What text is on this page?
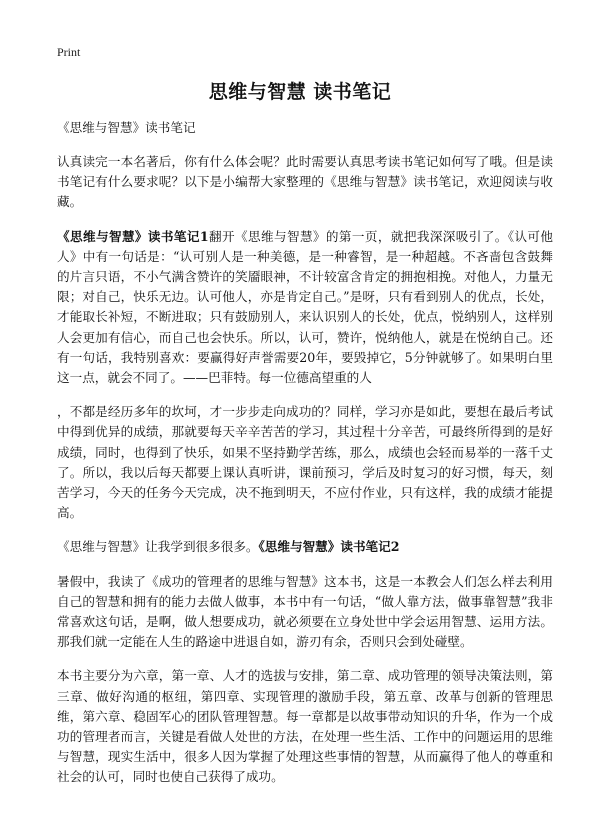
Print
思维与智慧 读书笔记

《思维与智慧》读书笔记

认真读完一本名著后，你有什么体会呢？此时需要认真思考读书笔记如何写了哦。但是读书笔记有什么要求呢？以下是小编帮大家整理的《思维与智慧》读书笔记，欢迎阅读与收藏。

《思维与智慧》读书笔记1翻开《思维与智慧》的第一页，就把我深深吸引了。《认可他人》中有一句话是：“认可别人是一种美德，是一种睿智，是一种超越。不吝啬包含鼓舞的片言只语，不小气满含赞许的笑靥眼神，不计较富含肯定的拥抱相挽。对他人，力量无限；对自己，快乐无边。认可他人，亦是肯定自己。”是呀，只有看到别人的优点，长处，才能取长补短，不断进取；只有鼓励别人，来认识别人的长处，优点，悦纳别人，这样别人会更加有信心，而自己也会快乐。所以，认可，赞许，悦纳他人，就是在悦纳自己。还有一句话，我特别喜欢：要赢得好声誉需要20年，要毁掉它，5分钟就够了。如果明白里这一点，就会不同了。——巴菲特。每一位德高望重的人

，不都是经历多年的坎坷，才一步步走向成功的？同样，学习亦是如此，要想在最后考试中得到优异的成绩，那就要每天辛辛苦苦的学习，其过程十分辛苦，可最终所得到的是好成绩，同时，也得到了快乐，如果不坚持勤学苦练，那么，成绩也会轻而易举的一落千丈了。所以，我以后每天都要上课认真听讲，课前预习，学后及时复习的好习惯，每天，刻苦学习，今天的任务今天完成，决不拖到明天，不应付作业，只有这样，我的成绩才能提高。

《思维与智慧》让我学到很多很多。《思维与智慧》读书笔记2

暑假中，我读了《成功的管理者的思维与智慧》这本书，这是一本教会人们怎么样去利用自己的智慧和拥有的能力去做人做事，本书中有一句话，“做人靠方法，做事靠智慧”我非常喜欢这句话，是啊，做人想要成功，就必须要在立身处世中学会运用智慧、运用方法。那我们就一定能在人生的路途中进退自如，游刃有余，否则只会到处碰壁。

本书主要分为六章，第一章、人才的选拔与安排，第二章、成功管理的领导决策法则，第三章、做好沟通的枢纽，第四章、实现管理的激励手段，第五章、改革与创新的管理思维，第六章、稳固军心的团队管理智慧。每一章都是以故事带动知识的升华，作为一个成功的管理者而言，关键是看做人处世的方法，在处理一些生活、工作中的问题运用的思维与智慧，现实生活中，很多人因为掌握了处理这些事情的智慧，从而赢得了他人的尊重和社会的认可，同时也使自己获得了成功。
